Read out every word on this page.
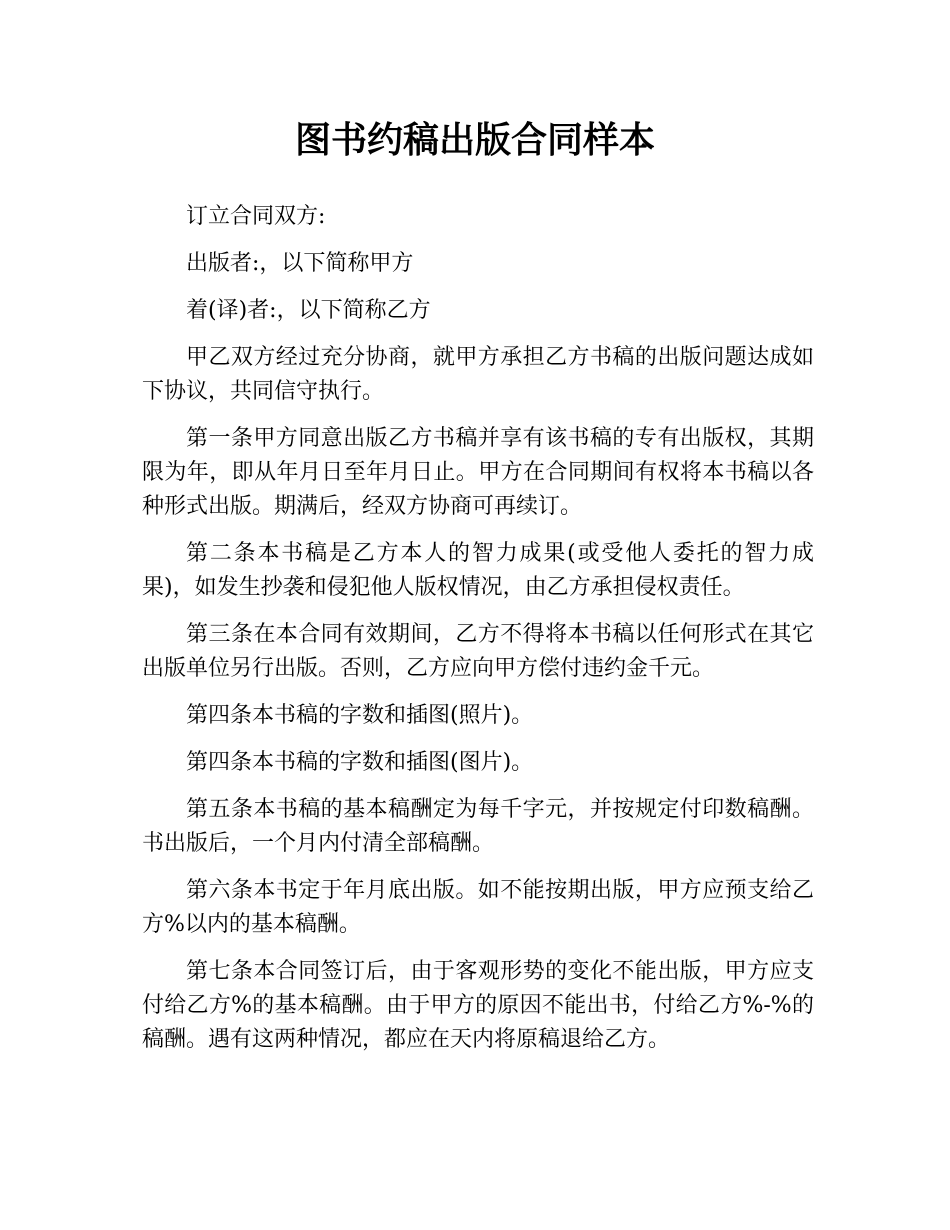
图书约稿出版合同样本

订立合同双方:

出版者:，以下简称甲方

着(译)者:，以下简称乙方

甲乙双方经过充分协商，就甲方承担乙方书稿的出版问题达成如下协议，共同信守执行。

第一条甲方同意出版乙方书稿并享有该书稿的专有出版权，其期限为年，即从年月日至年月日止。甲方在合同期间有权将本书稿以各种形式出版。期满后，经双方协商可再续订。

第二条本书稿是乙方本人的智力成果(或受他人委托的智力成果)，如发生抄袭和侵犯他人版权情况，由乙方承担侵权责任。

第三条在本合同有效期间，乙方不得将本书稿以任何形式在其它出版单位另行出版。否则，乙方应向甲方偿付违约金千元。

第四条本书稿的字数和插图(照片)。

第四条本书稿的字数和插图(图片)。

第五条本书稿的基本稿酬定为每千字元，并按规定付印数稿酬。书出版后，一个月内付清全部稿酬。

第六条本书定于年月底出版。如不能按期出版，甲方应预支给乙方%以内的基本稿酬。

第七条本合同签订后，由于客观形势的变化不能出版，甲方应支付给乙方%的基本稿酬。由于甲方的原因不能出书，付给乙方%-%的稿酬。遇有这两种情况，都应在天内将原稿退给乙方。
